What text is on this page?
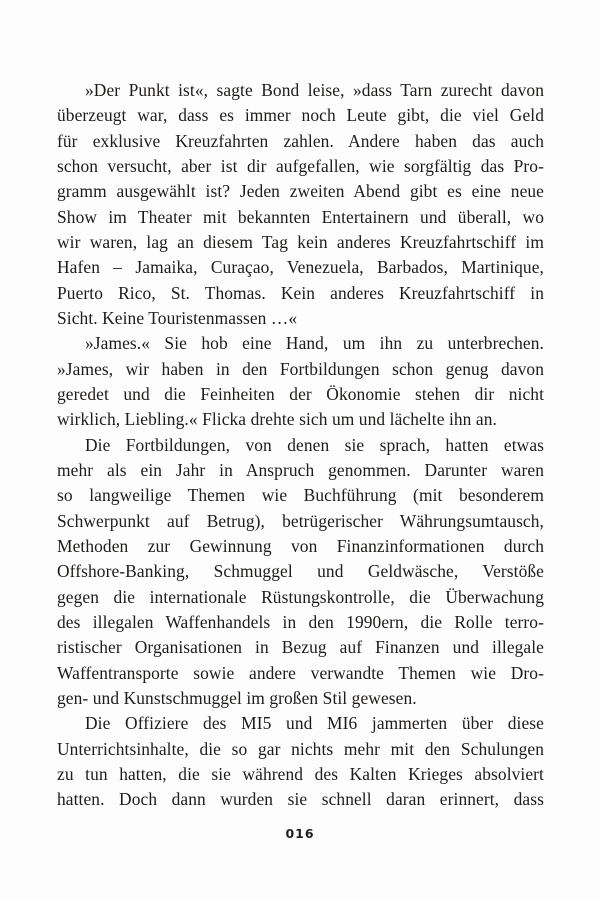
»Der Punkt ist«, sagte Bond leise, »dass Tarn zurecht davon
überzeugt war, dass es immer noch Leute gibt, die viel Geld
für exklusive Kreuzfahrten zahlen. Andere haben das auch
schon versucht, aber ist dir aufgefallen, wie sorgfältig das Pro-
gramm ausgewählt ist? Jeden zweiten Abend gibt es eine neue
Show im Theater mit bekannten Entertainern und überall, wo
wir waren, lag an diesem Tag kein anderes Kreuzfahrtschiff im
Hafen – Jamaika, Curaçao, Venezuela, Barbados, Martinique,
Puerto Rico, St. Thomas. Kein anderes Kreuzfahrtschiff in
Sicht. Keine Touristenmassen …«
»James.« Sie hob eine Hand, um ihn zu unterbrechen.
»James, wir haben in den Fortbildungen schon genug davon
geredet und die Feinheiten der Ökonomie stehen dir nicht
wirklich, Liebling.« Flicka drehte sich um und lächelte ihn an.
Die Fortbildungen, von denen sie sprach, hatten etwas
mehr als ein Jahr in Anspruch genommen. Darunter waren
so langweilige Themen wie Buchführung (mit besonderem
Schwerpunkt auf Betrug), betrügerischer Währungsumtausch,
Methoden zur Gewinnung von Finanzinformationen durch
Offshore-Banking, Schmuggel und Geldwäsche, Verstöße
gegen die internationale Rüstungskontrolle, die Überwachung
des illegalen Waffenhandels in den 1990ern, die Rolle terro-
ristischer Organisationen in Bezug auf Finanzen und illegale
Waffentransporte sowie andere verwandte Themen wie Dro-
gen- und Kunstschmuggel im großen Stil gewesen.
Die Offiziere des MI5 und MI6 jammerten über diese
Unterrichtsinhalte, die so gar nichts mehr mit den Schulungen
zu tun hatten, die sie während des Kalten Krieges absolviert
hatten. Doch dann wurden sie schnell daran erinnert, dass
016
